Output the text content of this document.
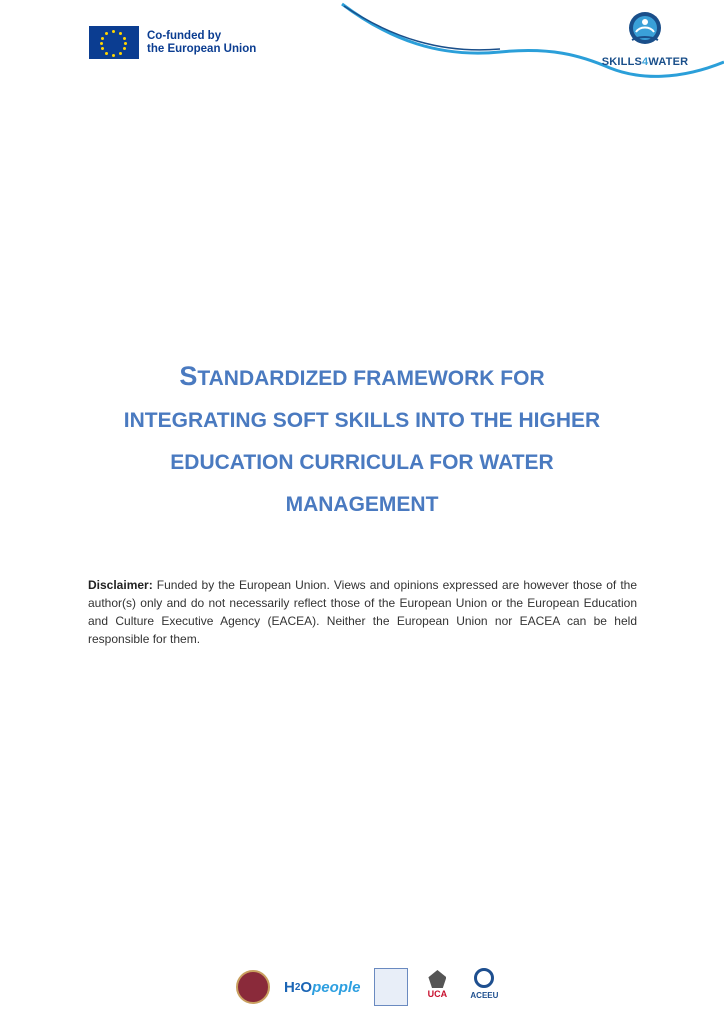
Co-funded by
the European Union
SKILLS4WATER
STANDARDIZED FRAMEWORK FOR
INTEGRATING SOFT SKILLS INTO THE HIGHER
EDUCATION CURRICULA FOR WATER
MANAGEMENT
Disclaimer: Funded by the European Union. Views and opinions expressed are however those of the author(s) only and do not necessarily reflect those of the European Union or the European Education and Culture Executive Agency (EACEA). Neither the European Union nor EACEA can be held responsible for them.
H 2 O people	UCA	ACEEU
